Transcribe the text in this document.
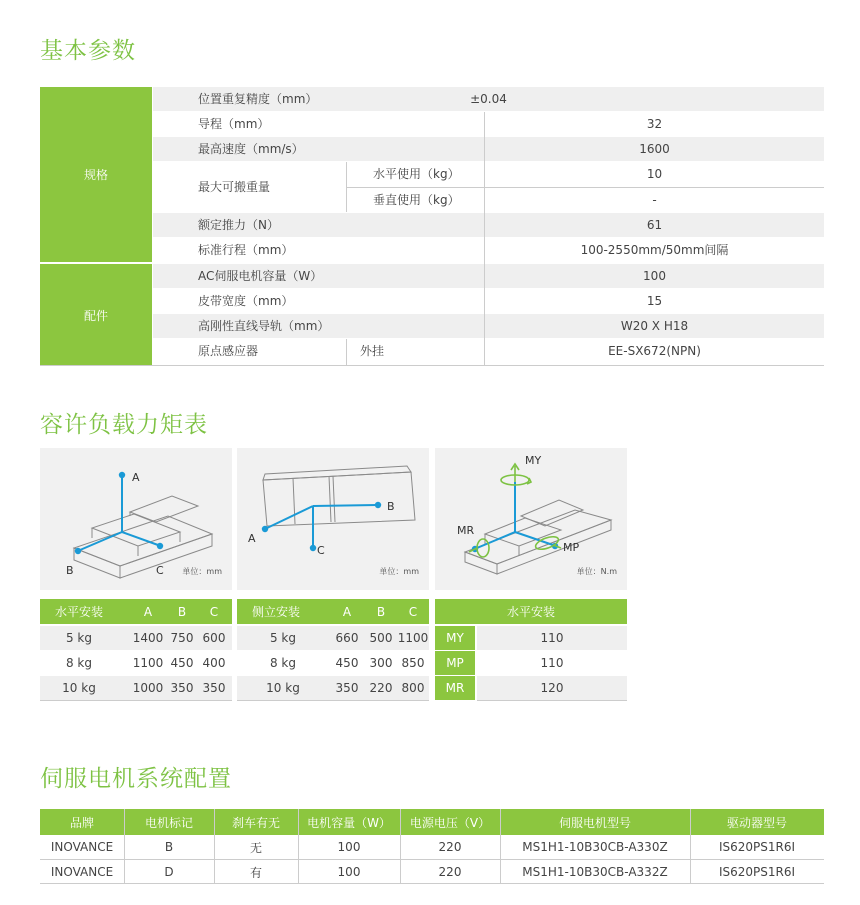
基本参数
规格
配件
位置重复精度（mm）	±0.04
导程（mm）	32
最高速度（mm/s）	1600
最大可搬重量
水平使用（kg）	10
垂直使用（kg）	-
额定推力（N）	61
标准行程（mm）	100-2550mm/50mm间隔
AC伺服电机容量（W）	100
皮带宽度（mm）	15
高刚性直线导轨（mm）	W20 X H18
原点感应器	外挂	EE-SX672(NPN)
容许负载力矩表
A
B	C 单位：mm
B
A
C
单位：mm
MY
MR
MP
单位：N.m
水平安装	A	B	C
5 kg	1400 750 600
8 kg	1100 450 400
10 kg	1000 350 350
侧立安装	A	B	C
5 kg	660 500 1100
8 kg	450 300 850
10 kg	350 220 800
水平安装
MY	110
MP	110
MR	120
伺服电机系统配置
品牌	电机标记	刹车有无	电机容量（W）	电源电压（V）	伺服电机型号	驱动器型号
INOVANCE	B	无	100	220	MS1H1-10B30CB-A330Z	IS620PS1R6I
INOVANCE	D	有	100	220	MS1H1-10B30CB-A332Z	IS620PS1R6I
